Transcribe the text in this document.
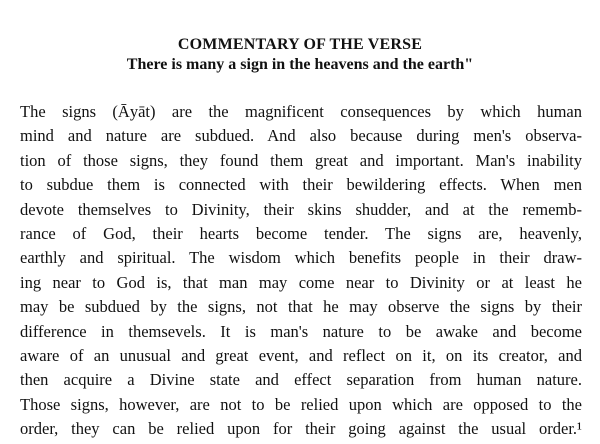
COMMENTARY OF THE VERSE
There is many a sign in the heavens and the earth"
The signs (Āyāt) are the magnificent consequences by which human
mind and nature are subdued. And also because during men's observa-
tion of those signs, they found them great and important. Man's inability
to subdue them is connected with their bewildering effects. When men
devote themselves to Divinity, their skins shudder, and at the rememb-
rance of God, their hearts become tender. The signs are, heavenly,
earthly and spiritual. The wisdom which benefits people in their draw-
ing near to God is, that man may come near to Divinity or at least he
may be subdued by the signs, not that he may observe the signs by their
difference in themsevels. It is man's nature to be awake and become
aware of an unusual and great event, and reflect on it, on its creator, and
then acquire a Divine state and effect separation from human nature.
Those signs, however, are not to be relied upon which are opposed to the
order, they can be relied upon for their going against the usual order.¹
